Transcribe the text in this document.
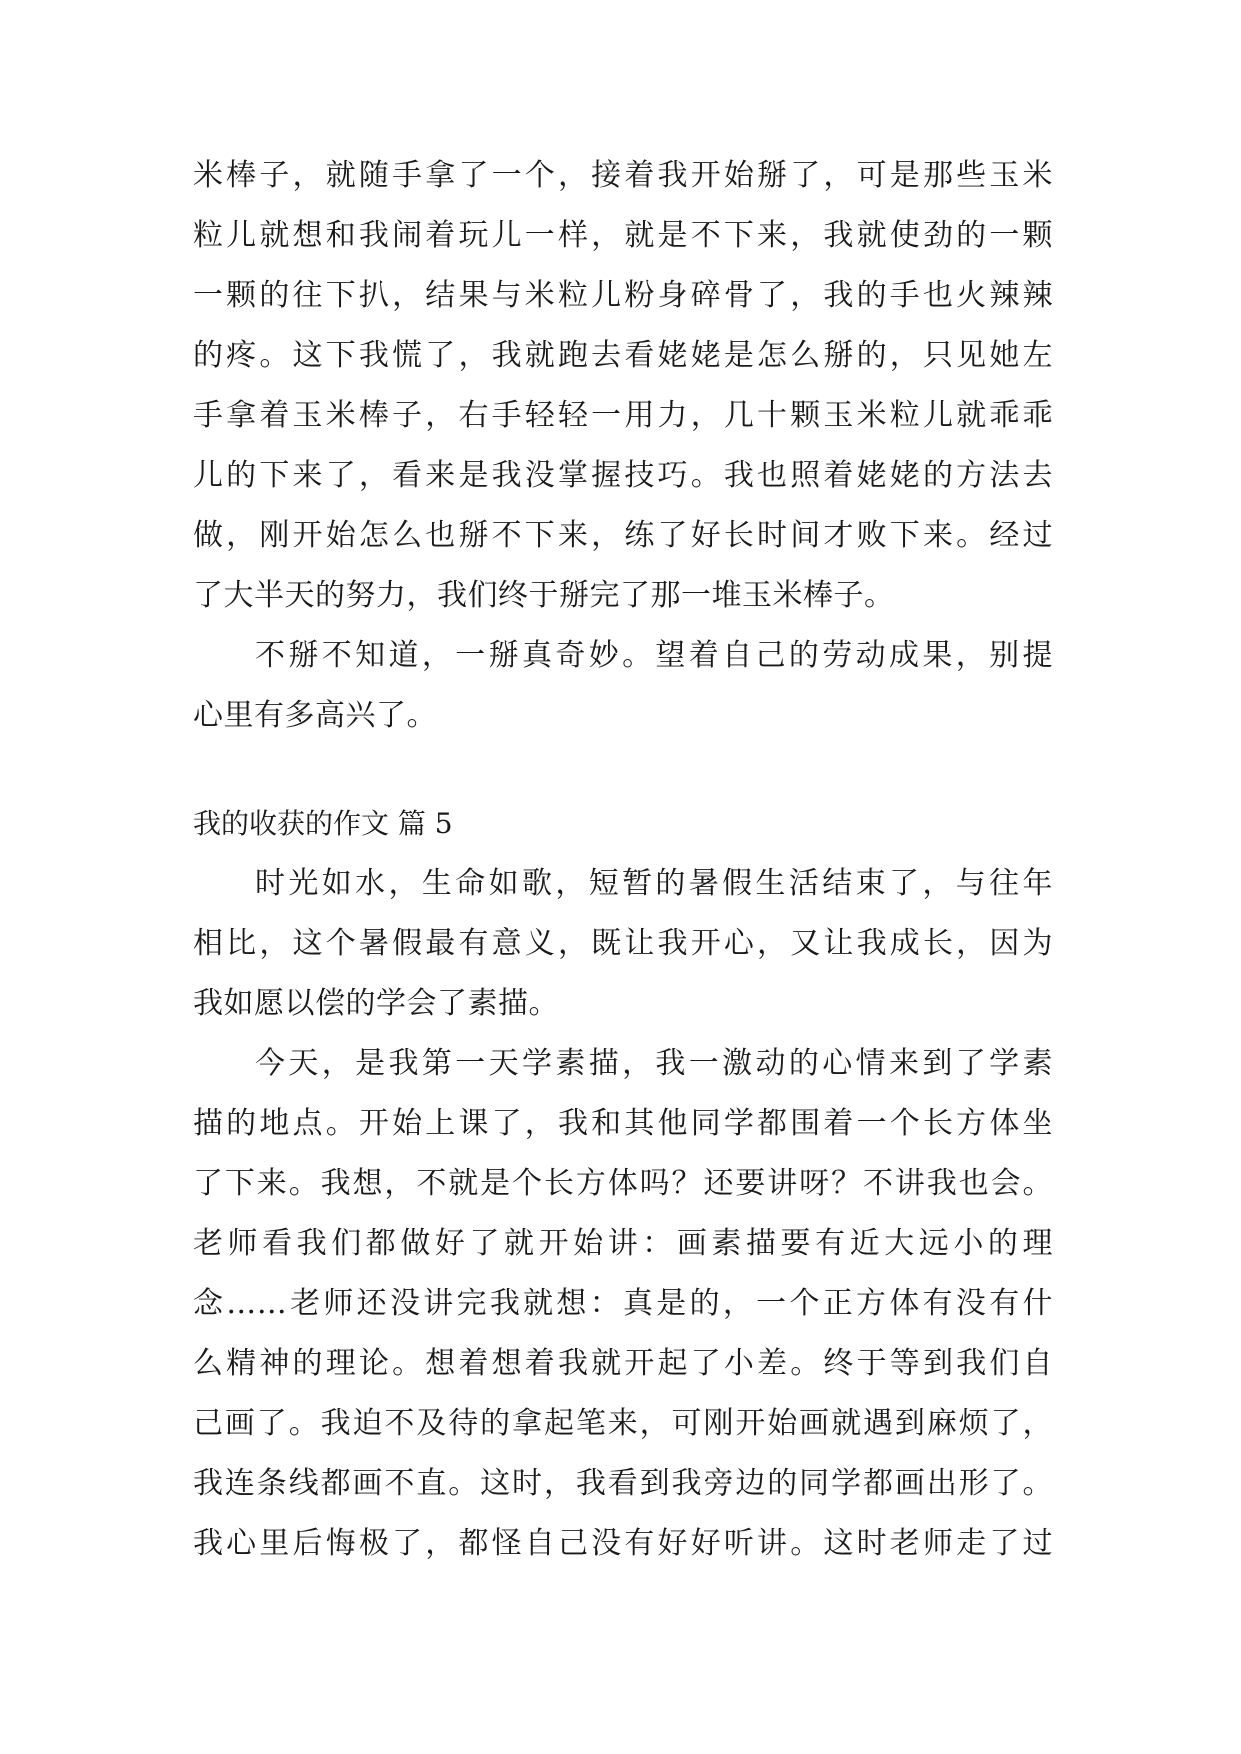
米棒子，就随手拿了一个，接着我开始掰了，可是那些玉米
粒儿就想和我闹着玩儿一样，就是不下来，我就使劲的一颗
一颗的往下扒，结果与米粒儿粉身碎骨了，我的手也火辣辣
的疼。这下我慌了，我就跑去看姥姥是怎么掰的，只见她左
手拿着玉米棒子，右手轻轻一用力，几十颗玉米粒儿就乖乖
儿的下来了，看来是我没掌握技巧。我也照着姥姥的方法去
做，刚开始怎么也掰不下来，练了好长时间才败下来。经过
了大半天的努力，我们终于掰完了那一堆玉米棒子。
不掰不知道，一掰真奇妙。望着自己的劳动成果，别提
心里有多高兴了。
我的收获的作文 篇 5
时光如水，生命如歌，短暂的暑假生活结束了，与往年
相比，这个暑假最有意义，既让我开心，又让我成长，因为
我如愿以偿的学会了素描。
今天，是我第一天学素描，我一激动的心情来到了学素
描的地点。开始上课了，我和其他同学都围着一个长方体坐
了下来。我想，不就是个长方体吗？还要讲呀？不讲我也会。
老师看我们都做好了就开始讲：画素描要有近大远小的理
念……老师还没讲完我就想：真是的，一个正方体有没有什
么精神的理论。想着想着我就开起了小差。终于等到我们自
己画了。我迫不及待的拿起笔来，可刚开始画就遇到麻烦了，
我连条线都画不直。这时，我看到我旁边的同学都画出形了。
我心里后悔极了，都怪自己没有好好听讲。这时老师走了过
